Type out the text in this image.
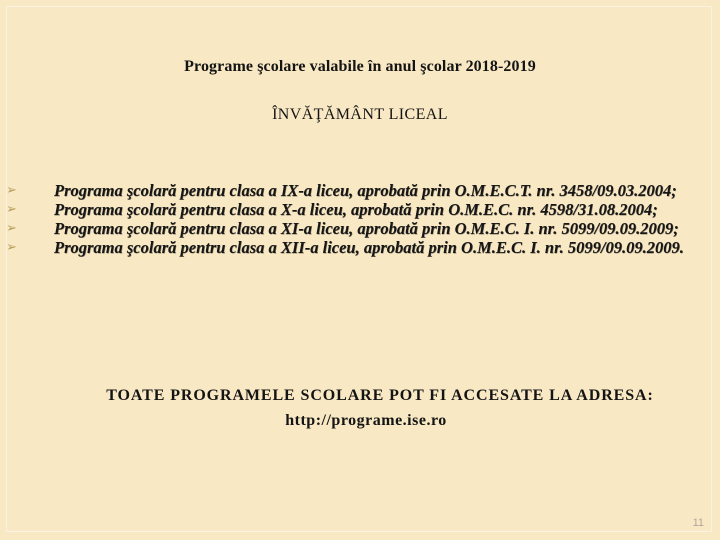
Programe şcolare valabile în anul şcolar 2018-2019
ÎNVĂŢĂMÂNT LICEAL
➢ Programa şcolară pentru clasa a IX-a liceu, aprobată prin O.M.E.C.T. nr. 3458/09.03.2004;
➢ Programa şcolară pentru clasa a X-a liceu, aprobată prin O.M.E.C. nr. 4598/31.08.2004;
➢ Programa şcolară pentru clasa a XI-a liceu, aprobată prin O.M.E.C. I. nr. 5099/09.09.2009;
➢ Programa şcolară pentru clasa a XII-a liceu, aprobată prin O.M.E.C. I. nr. 5099/09.09.2009.
TOATE PROGRAMELE SCOLARE POT FI ACCESATE LA ADRESA:
http://programe.ise.ro
11
